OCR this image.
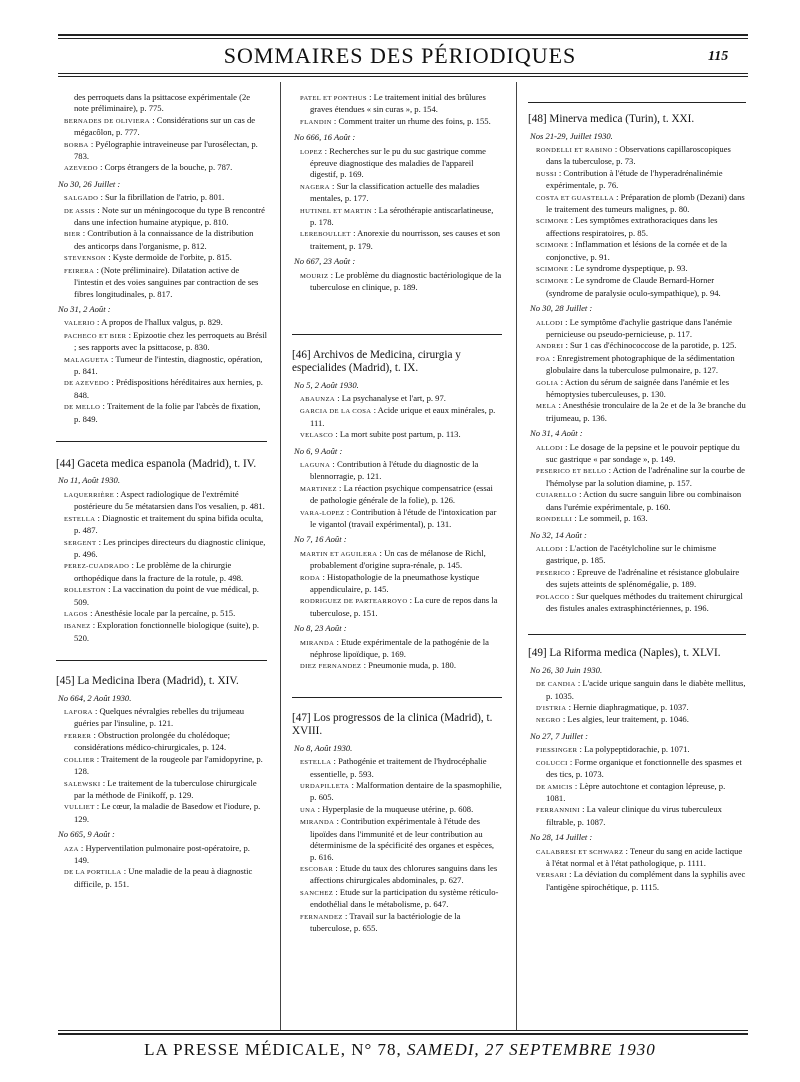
SOMMAIRES DES PÉRIODIQUES	115

des perroquets dans la psittacose expérimentale (2e note préliminaire), p. 775.

BERNADES DE OLIVIERA : Considérations sur un cas de mégacôlon, p. 777.

BORBA : Pyélographie intraveineuse par l'urosélectan, p. 783.

AZEVEDO : Corps étrangers de la bouche, p. 787.

No 30, 26 Juillet :

SALGADO : Sur la fibrillation de l'atrio, p. 801.

DE ASSIS : Note sur un méningocoque du type B rencontré dans une infection humaine atypique, p. 810.

BIER : Contribution à la connaissance de la distribution des anticorps dans l'organisme, p. 812.

STEVENSON : Kyste dermoïde de l'orbite, p. 815.

FEIRERA : (Note préliminaire). Dilatation active de l'intestin et des voies sanguines par contraction de ses fibres longitudinales, p. 817.

No 31, 2 Août :

VALERIO : A propos de l'hallux valgus, p. 829.

PACHECO ET BIER : Epizootie chez les perroquets au Brésil ; ses rapports avec la psittacose, p. 830.

MALAGUETA : Tumeur de l'intestin, diagnostic, opération, p. 841.

DE AZEVEDO : Prédispositions héréditaires aux hernies, p. 848.

DE MELLO : Traitement de la folie par l'abcès de fixation, p. 849.

[44] Gaceta medica espanola (Madrid), t. IV.

No 11, Août 1930.

LAQUERRIÈRE : Aspect radiologique de l'extrémité postérieure du 5e métatarsien dans l'os vesalien, p. 481.

ESTELLA : Diagnostic et traitement du spina bifida oculta, p. 487.

SERGENT : Les principes directeurs du diagnostic clinique, p. 496.

PEREZ-CUADRADO : Le problème de la chirurgie orthopédique dans la fracture de la rotule, p. 498.

ROLLESTON : La vaccination du point de vue médical, p. 509.

LAGOS : Anesthésie locale par la percaïne, p. 515.

IBANEZ : Exploration fonctionnelle biologique (suite), p. 520.

[45] La Medicina Ibera (Madrid), t. XIV.

No 664, 2 Août 1930.

LAFORA : Quelques névralgies rebelles du trijumeau guéries par l'insuline, p. 121.

FERRER : Obstruction prolongée du cholédoque; considérations médico-chirurgicales, p. 124.

COLLIER : Traitement de la rougeole par l'amidopyrine, p. 128.

SALEWSKI : Le traitement de la tuberculose chirurgicale par la méthode de Finikoff, p. 129.

VULLIET : Le cœur, la maladie de Basedow et l'iodure, p. 129.

No 665, 9 Août :

AZA : Hyperventilation pulmonaire post-opératoire, p. 149.

DE LA PORTILLA : Une maladie de la peau à diagnostic difficile, p. 151.

PATEL ET PONTHUS : Le traitement initial des brûlures graves étendues « sin curas », p. 154.

FLANDIN : Comment traiter un rhume des foins, p. 155.

No 666, 16 Août :

LOPEZ : Recherches sur le pu du suc gastrique comme épreuve diagnostique des maladies de l'appareil digestif, p. 169.

NAGERA : Sur la classification actuelle des maladies mentales, p. 177.

HUTINEL ET MARTIN : La sérothérapie antiscarlatineuse, p. 178.

LEREBOULLET : Anorexie du nourrisson, ses causes et son traitement, p. 179.

No 667, 23 Août :

MOURIZ : Le problème du diagnostic bactériologique de la tuberculose en clinique, p. 189.

[46] Archivos de Medicina, cirurgia y especialides (Madrid), t. IX.

No 5, 2 Août 1930.

ABAUNZA : La psychanalyse et l'art, p. 97.

GARCIA DE LA COSA : Acide urique et eaux minérales, p. 111.

VELASCO : La mort subite post partum, p. 113.

No 6, 9 Août :

LAGUNA : Contribution à l'étude du diagnostic de la blennorragie, p. 121.

MARTINEZ : La réaction psychique compensatrice (essai de pathologie générale de la folie), p. 126.

VARA-LOPEZ : Contribution à l'étude de l'intoxication par le vigantol (travail expérimental), p. 131.

No 7, 16 Août :

MARTIN ET AGUILERA : Un cas de mélanose de Richl, probablement d'origine supra-rénale, p. 145.

RODA : Histopathologie de la pneumathose kystique appendiculaire, p. 145.

RODRIGUEZ DE PARTEARROYO : La cure de repos dans la tuberculose, p. 151.

No 8, 23 Août :

MIRANDA : Etude expérimentale de la pathogénie de la néphrose lipoïdique, p. 169.

DIEZ FERNANDEZ : Pneumonie muda, p. 180.

[47] Los progressos de la clinica (Madrid), t. XVIII.

No 8, Août 1930.

ESTELLA : Pathogénie et traitement de l'hydrocéphalie essentielle, p. 593.

URDAPILLETA : Malformation dentaire de la spasmophilie, p. 605.

UNA : Hyperplasie de la muqueuse utérine, p. 608.

MIRANDA : Contribution expérimentale à l'étude des lipoïdes dans l'immunité et de leur contribution au déterminisme de la spécificité des organes et espèces, p. 616.

ESCOBAR : Etude du taux des chlorures sanguins dans les affections chirurgicales abdominales, p. 627.

SANCHEZ : Etude sur la participation du système réticulo-endothélial dans le métabolisme, p. 647.

FERNANDEZ : Travail sur la bactériologie de la tuberculose, p. 655.

[48] Minerva medica (Turin), t. XXI.

Nos 21-29, Juillet 1930.

RONDELLI ET RABINO : Observations capillaroscopiques dans la tuberculose, p. 73.

BUSSI : Contribution à l'étude de l'hyperadrénalinémie expérimentale, p. 76.

COSTA ET GUASTELLA : Préparation de plomb (Dezani) dans le traitement des tumeurs malignes, p. 80.

SCIMONE : Les symptômes extrathoraciques dans les affections respiratoires, p. 85.

SCIMONE : Inflammation et lésions de la cornée et de la conjonctive, p. 91.

SCIMONE : Le syndrome dyspeptique, p. 93.

SCIMONE : Le syndrome de Claude Bernard-Horner (syndrome de paralysie oculo-sympathique), p. 94.

No 30, 28 Juillet :

ALLODI : Le symptôme d'achylie gastrique dans l'anémie pernicieuse ou pseudo-pernicieuse, p. 117.

ANDREI : Sur 1 cas d'échinococcose de la parotide, p. 125.

FOA : Enregistrement photographique de la sédimentation globulaire dans la tuberculose pulmonaire, p. 127.

GOLIA : Action du sérum de saignée dans l'anémie et les hémoptysies tuberculeuses, p. 130.

MELA : Anesthésie tronculaire de la 2e et de la 3e branche du trijumeau, p. 136.

No 31, 4 Août :

ALLODI : Le dosage de la pepsine et le pouvoir peptique du suc gastrique « par sondage », p. 149.

PESERICO ET BELLO : Action de l'adrénaline sur la courbe de l'hémolyse par la solution diamine, p. 157.

CUIARELLO : Action du sucre sanguin libre ou combinaison dans l'urémie expérimentale, p. 160.

RONDELLI : Le sommeil, p. 163.

No 32, 14 Août :

ALLODI : L'action de l'acétylcholine sur le chimisme gastrique, p. 185.

PESERICO : Epreuve de l'adrénaline et résistance globulaire des sujets atteints de splénomégalie, p. 189.

POLACCO : Sur quelques méthodes du traitement chirurgical des fistules anales extrasphinctériennes, p. 196.

[49] La Riforma medica (Naples), t. XLVI.

No 26, 30 Juin 1930.

DE CANDIA : L'acide urique sanguin dans le diabète mellitus, p. 1035.

D'ISTRIA : Hernie diaphragmatique, p. 1037.

NEGRO : Les algies, leur traitement, p. 1046.

No 27, 7 Juillet :

FIESSINGER : La polypeptidorachie, p. 1071.

COLUCCI : Forme organique et fonctionnelle des spasmes et des tics, p. 1073.

DE AMICIS : Lèpre autochtone et contagion lépreuse, p. 1081.

FERRANNINI : La valeur clinique du virus tuberculeux filtrable, p. 1087.

No 28, 14 Juillet :

CALABRESI ET SCHWARZ : Teneur du sang en acide lactique à l'état normal et à l'état pathologique, p. 1111.

VERSARI : La déviation du complément dans la syphilis avec l'antigène spirochétique, p. 1115.

LA PRESSE MÉDICALE, N° 78, SAMEDI, 27 SEPTEMBRE 1930
